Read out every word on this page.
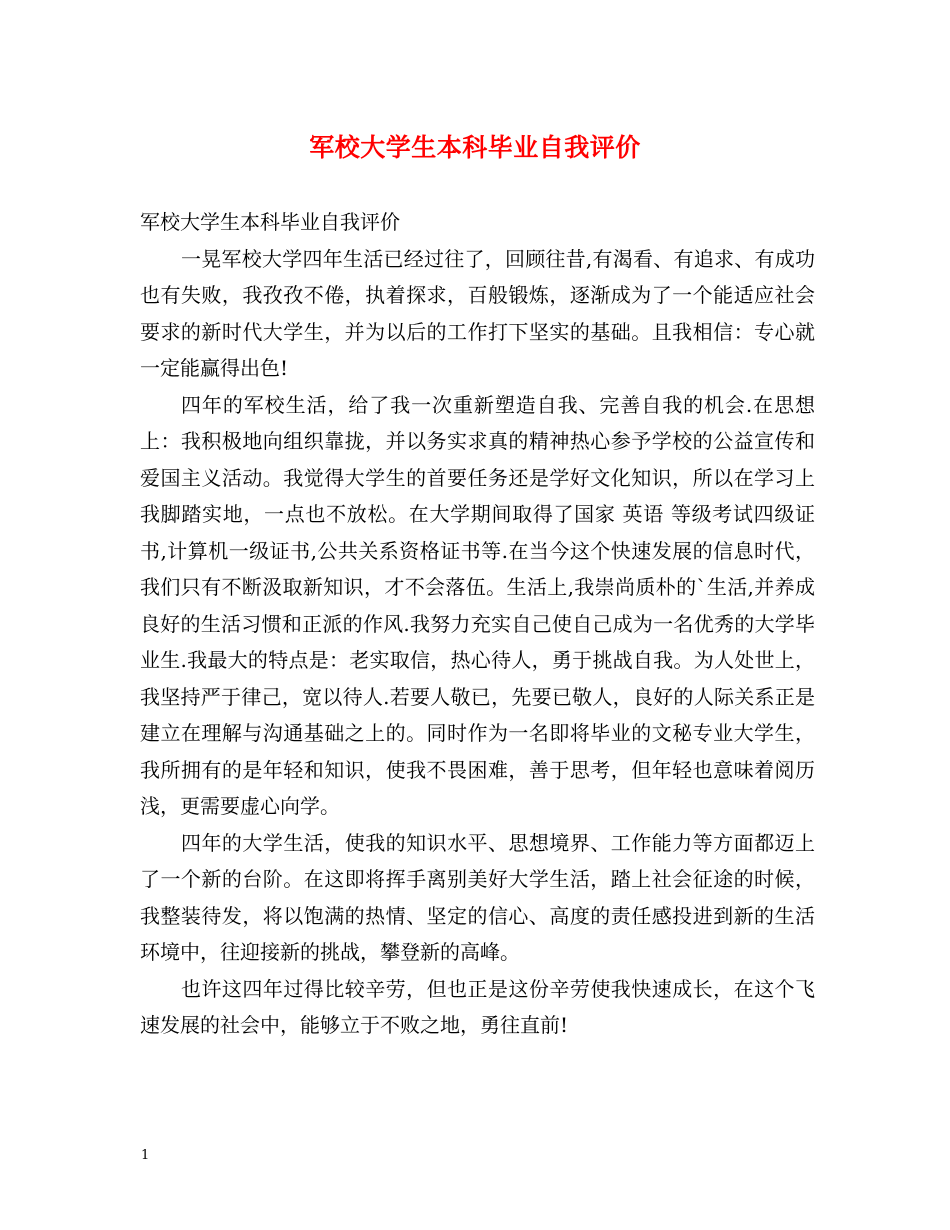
军校大学生本科毕业自我评价

军校大学生本科毕业自我评价

一晃军校大学四年生活已经过往了，回顾往昔,有渴看、有追求、有成功也有失败，我孜孜不倦，执着探求，百般锻炼，逐渐成为了一个能适应社会要求的新时代大学生，并为以后的工作打下坚实的基础。且我相信：专心就一定能赢得出色!

四年的军校生活，给了我一次重新塑造自我、完善自我的机会.在思想上：我积极地向组织靠拢，并以务实求真的精神热心参予学校的公益宣传和爱国主义活动。我觉得大学生的首要任务还是学好文化知识，所以在学习上我脚踏实地，一点也不放松。在大学期间取得了国家 英语 等级考试四级证书,计算机一级证书,公共关系资格证书等.在当今这个快速发展的信息时代，我们只有不断汲取新知识，才不会落伍。生活上,我崇尚质朴的`生活,并养成良好的生活习惯和正派的作风.我努力充实自己使自己成为一名优秀的大学毕业生.我最大的特点是：老实取信，热心待人，勇于挑战自我。为人处世上，我坚持严于律己，宽以待人.若要人敬已，先要已敬人，良好的人际关系正是建立在理解与沟通基础之上的。同时作为一名即将毕业的文秘专业大学生，我所拥有的是年轻和知识，使我不畏困难，善于思考，但年轻也意味着阅历浅，更需要虚心向学。

四年的大学生活，使我的知识水平、思想境界、工作能力等方面都迈上了一个新的台阶。在这即将挥手离别美好大学生活，踏上社会征途的时候，我整装待发，将以饱满的热情、坚定的信心、高度的责任感投进到新的生活环境中，往迎接新的挑战，攀登新的高峰。

也许这四年过得比较辛劳，但也正是这份辛劳使我快速成长，在这个飞速发展的社会中，能够立于不败之地，勇往直前!

1
